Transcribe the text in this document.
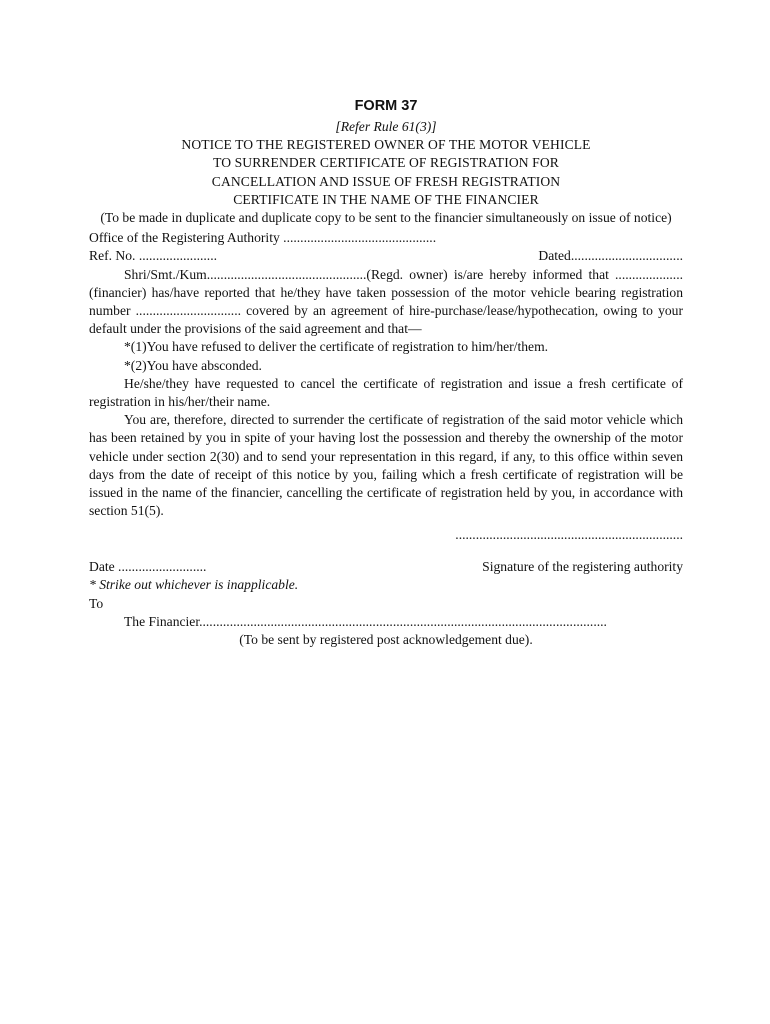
FORM 37

[Refer Rule 61(3)]

NOTICE TO THE REGISTERED OWNER OF THE MOTOR VEHICLE

TO SURRENDER CERTIFICATE OF REGISTRATION FOR

CANCELLATION AND ISSUE OF FRESH REGISTRATION

CERTIFICATE IN THE NAME OF THE FINANCIER

(To be made in duplicate and duplicate copy to be sent to the financier simultaneously on issue of notice)

Office of the Registering Authority .............................................

Ref. No. .......................	Dated.................................

Shri/Smt./Kum...............................................(Regd. owner) is/are hereby informed that .................... (financier) has/have reported that he/they have taken possession of the motor vehicle bearing registration number ............................... covered by an agreement of hire-purchase/lease/hypothecation, owing to your default under the provisions of the said agreement and that—

*(1)You have refused to deliver the certificate of registration to him/her/them.

*(2)You have absconded.

He/she/they have requested to cancel the certificate of registration and issue a fresh certificate of registration in his/her/their name.

You are, therefore, directed to surrender the certificate of registration of the said motor vehicle which has been retained by you in spite of your having lost the possession and thereby the ownership of the motor vehicle under section 2(30) and to send your representation in this regard, if any, to this office within seven days from the date of receipt of this notice by you, failing which a fresh certificate of registration will be issued in the name of the financier, cancelling the certificate of registration held by you, in accordance with section 51(5).

...................................................................

Date ..........................	Signature of the registering authority

* Strike out whichever is inapplicable.

To

The Financier........................................................................................................................

(To be sent by registered post acknowledgement due).
